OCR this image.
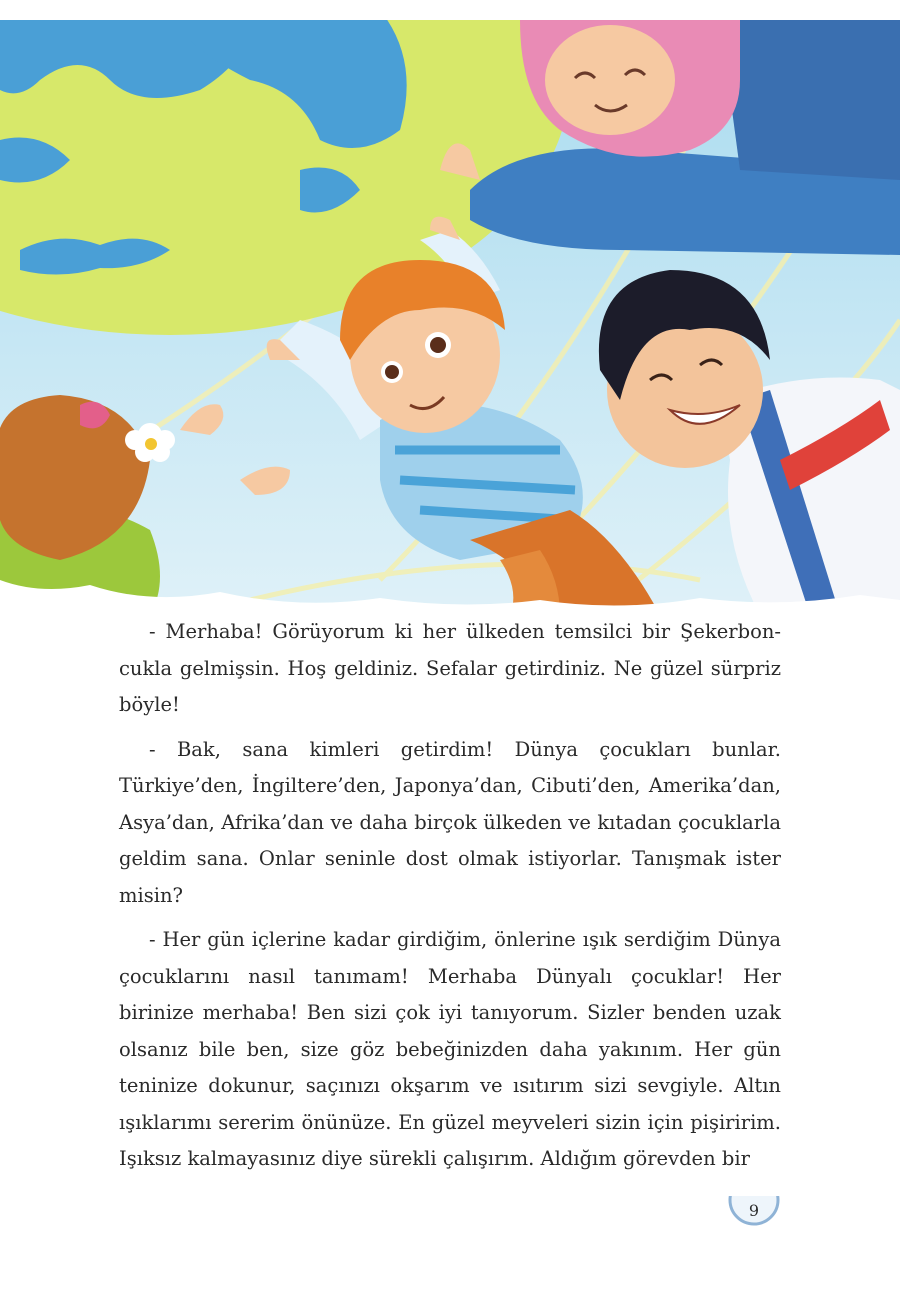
- Merhaba! Görüyorum ki her ülkeden temsilci bir Şekerboncukla gelmişsin. Hoş geldiniz. Sefalar getirdiniz. Ne güzel sürpriz böyle!

- Bak, sana kimleri getirdim! Dünya çocukları bunlar. Türkiye’den, İngiltere’den, Japonya’dan, Cibuti’den, Amerika’dan, Asya’dan, Afrika’dan ve daha birçok ülkeden ve kıtadan çocuklarla geldim sana. Onlar seninle dost olmak istiyorlar. Tanışmak ister misin?

- Her gün içlerine kadar girdiğim, önlerine ışık serdiğim Dünya çocuklarını nasıl tanımam! Merhaba Dünyalı çocuklar! Her birinize merhaba! Ben sizi çok iyi tanıyorum. Sizler benden uzak olsanız bile ben, size göz bebeğinizden daha yakınım. Her gün teninize dokunur, saçınızı okşarım ve ısıtırım sizi sevgiyle. Altın ışıklarımı sererim önünüze. En güzel meyveleri sizin için pişiririm. Işıksız kalmayasınız diye sürekli çalışırım. Aldığım görevden bir

9
